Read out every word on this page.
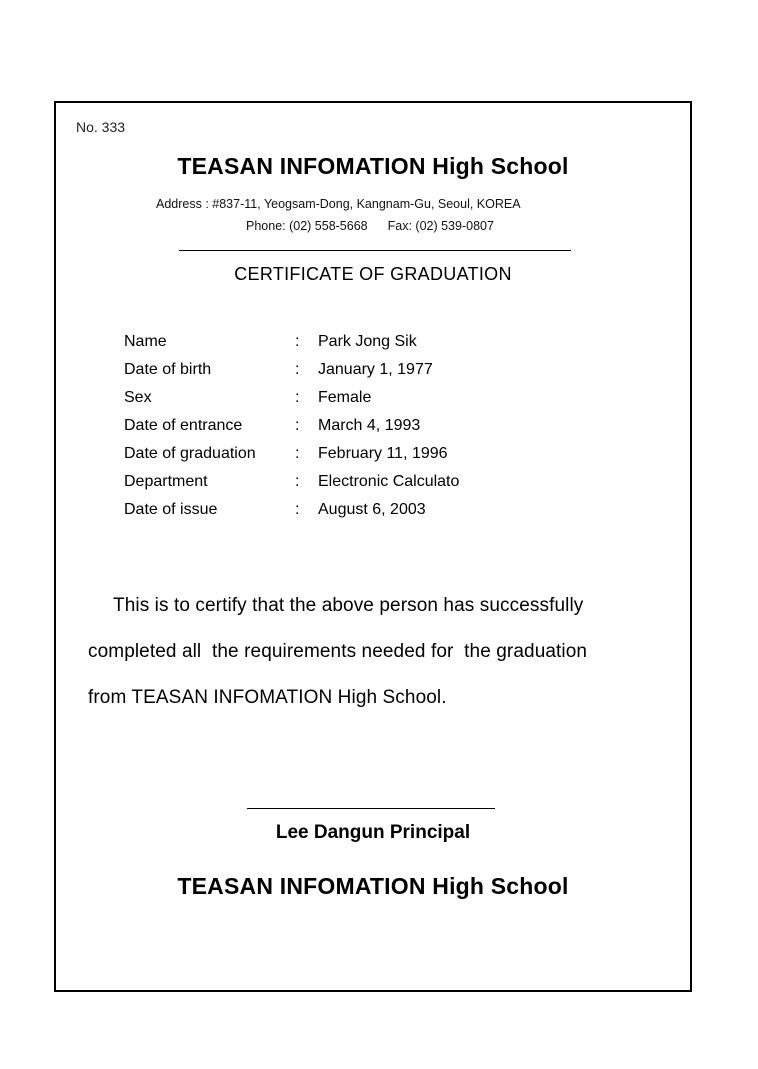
No. 333
TEASAN INFOMATION High School
Address : #837-11, Yeogsam-Dong, Kangnam-Gu, Seoul, KOREA
Phone: (02) 558-5668 Fax: (02) 539-0807
CERTIFICATE OF GRADUATION
Name	: Park Jong Sik
Date of birth	: January 1, 1977
Sex	: Female
Date of entrance	: March 4, 1993
Date of graduation : February 11, 1996
Department	: Electronic Calculato
Date of issue	: August 6, 2003
This is to certify that the above person has successfully
completed all  the requirements needed for  the graduation
from TEASAN INFOMATION High School.
Lee Dangun Principal
TEASAN INFOMATION High School
